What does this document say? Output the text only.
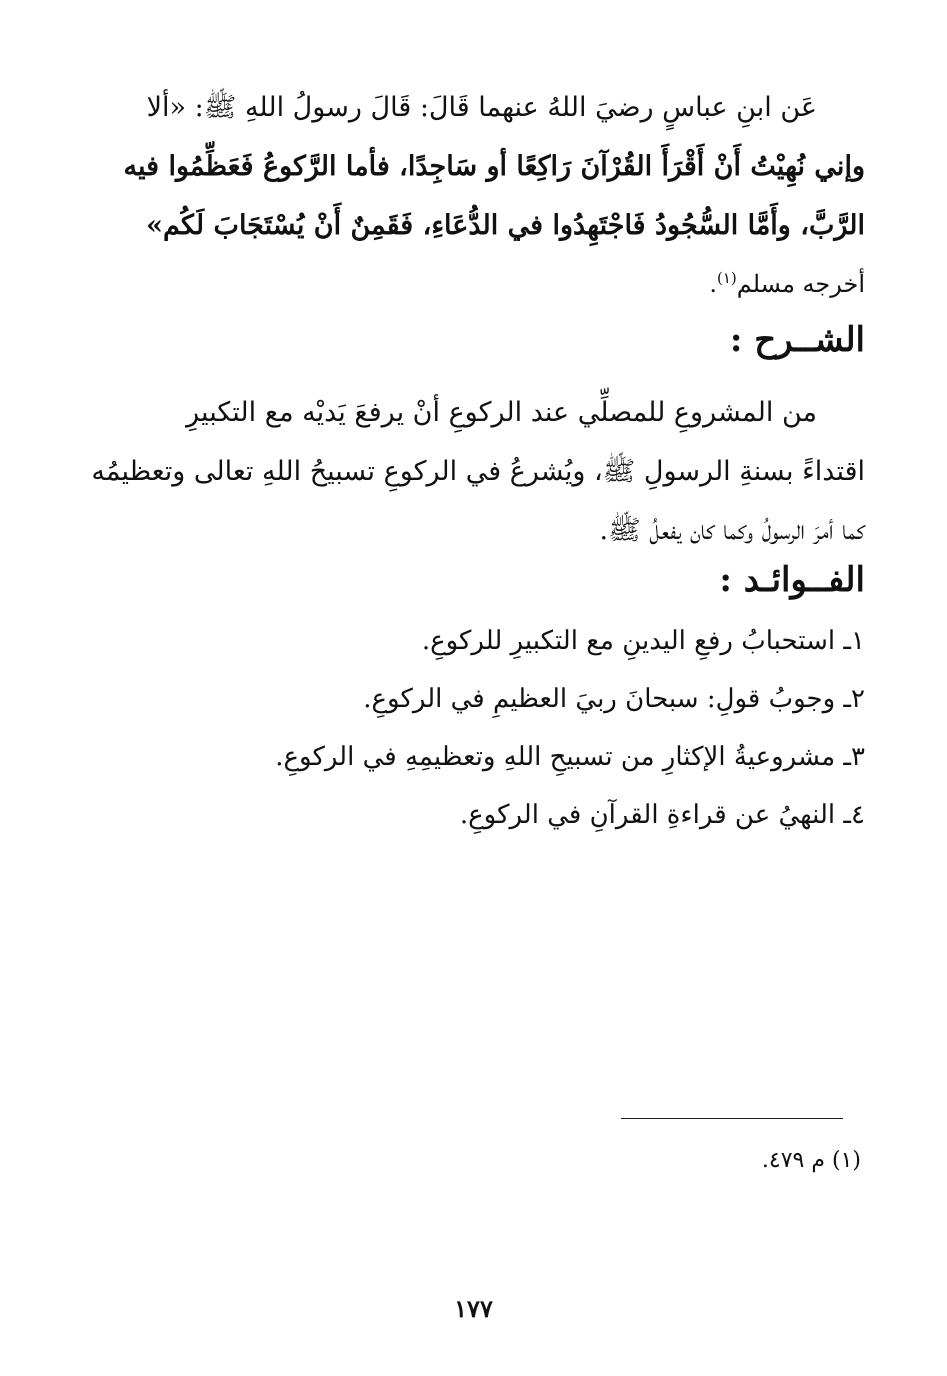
عَن ابنِ عباسٍ رضيَ اللهُ عنهما قَالَ: قَالَ رسولُ اللهِ ﷺ: «ألا
وإني نُهِيْتُ أَنْ أَقْرَأَ القُرْآنَ رَاكِعًا أو سَاجِدًا، فأما الرَّكوعُ فَعَظِّمُوا فيه
الرَّبَّ، وأَمَّا السُّجُودُ فَاجْتَهِدُوا في الدُّعَاءِ، فَقَمِنٌ أَنْ يُسْتَجَابَ لَكُم»
أخرجه مسلم$^{(١)}$.
الشــرح :
من المشروعِ للمصلِّي عند الركوعِ أنْ يرفعَ يَديْه مع التكبيرِ
اقتداءً بسنةِ الرسولِ ﷺ، ويُشرعُ في الركوعِ تسبيحُ اللهِ تعالى وتعظيمُه
كما أمرَ الرسولُ وكما كان يفعلُ ﷺ.
الفــوائـد :
١ـ استحبابُ رفعِ اليدينِ مع التكبيرِ للركوعِ.
٢ـ وجوبُ قولِ: سبحانَ ربيَ العظيمِ في الركوعِ.
٣ـ مشروعيةُ الإكثارِ من تسبيحِ اللهِ وتعظيمِهِ في الركوعِ.
٤ـ النهيُ عن قراءةِ القرآنِ في الركوعِ.
(١) م ٤٧٩.
١٧٧
